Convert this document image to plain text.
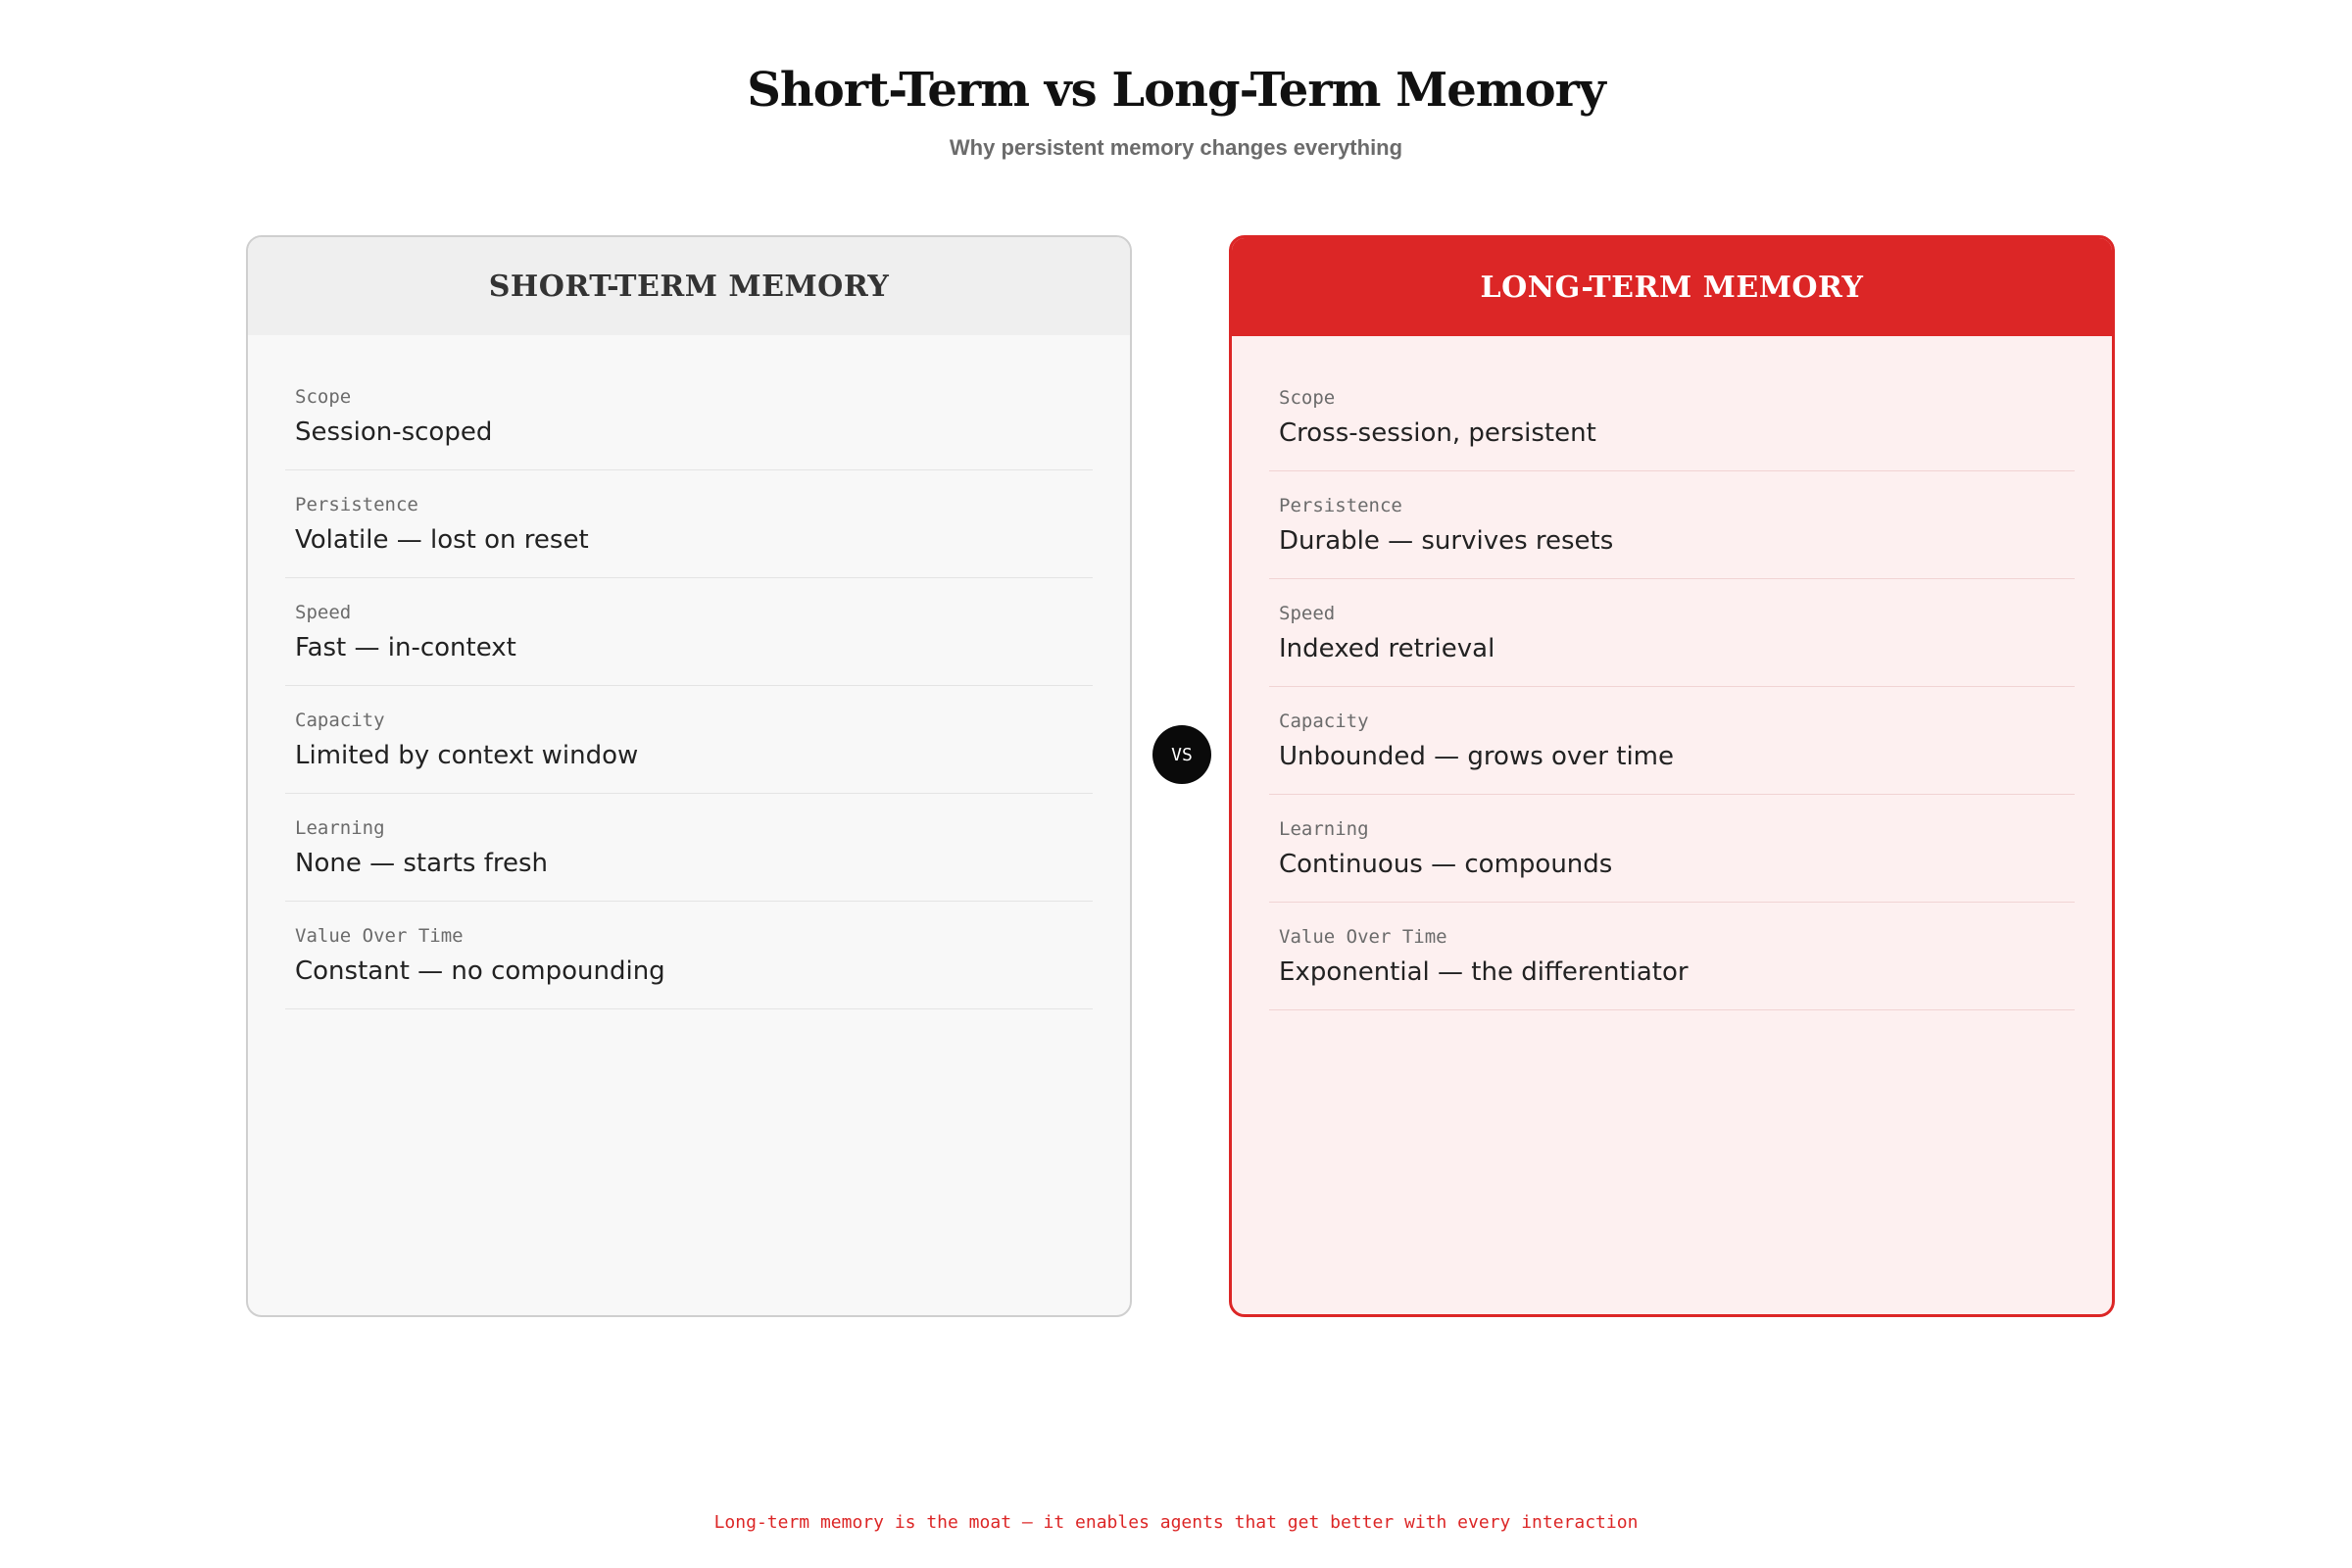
Short-Term vs Long-Term Memory
Why persistent memory changes everything
SHORT-TERM MEMORY
Scope
Session-scoped
Persistence
Volatile — lost on reset
Speed
Fast — in-context
Capacity
Limited by context window
Learning
None — starts fresh
Value Over Time
Constant — no compounding
VS
LONG-TERM MEMORY
Scope
Cross-session, persistent
Persistence
Durable — survives resets
Speed
Indexed retrieval
Capacity
Unbounded — grows over time
Learning
Continuous — compounds
Value Over Time
Exponential — the differentiator
Long-term memory is the moat — it enables agents that get better with every interaction
